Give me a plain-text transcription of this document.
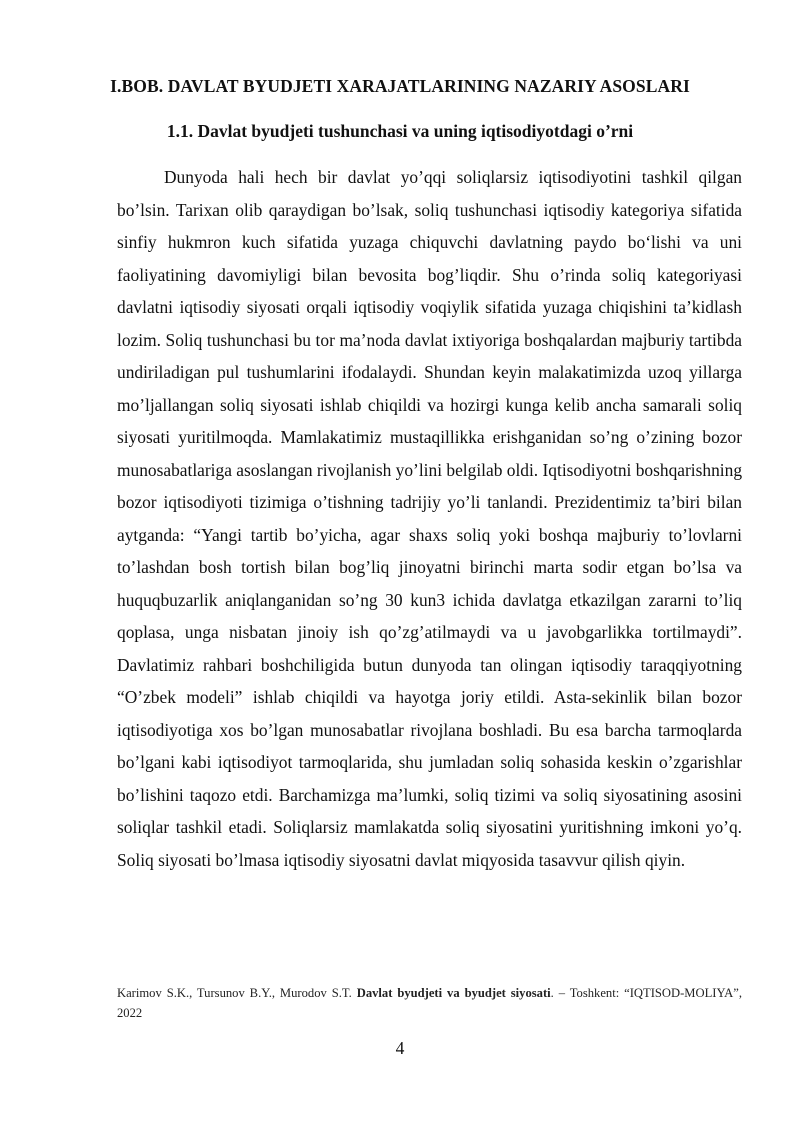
I.BOB. DAVLAT BYUDJETI XARAJATLARINING NAZARIY ASOSLARI
1.1. Davlat byudjeti tushunchasi va uning iqtisodiyotdagi o’rni

Dunyoda hali hech bir davlat yo’qqi soliqlarsiz iqtisodiyotini tashkil qilgan bo’lsin. Tarixan olib qaraydigan bo’lsak, soliq tushunchasi iqtisodiy kategoriya sifatida sinfiy hukmron kuch sifatida yuzaga chiquvchi davlatning paydo bo‘lishi va uni faoliyatining davomiyligi bilan bevosita bog’liqdir. Shu o’rinda soliq kategoriyasi davlatni iqtisodiy siyosati orqali iqtisodiy voqiylik sifatida yuzaga chiqishini ta’kidlash lozim. Soliq tushunchasi bu tor ma’noda davlat ixtiyoriga boshqalardan majburiy tartibda undiriladigan pul tushumlarini ifodalaydi. Shundan keyin malakatimizda uzoq yillarga mo’ljallangan soliq siyosati ishlab chiqildi va hozirgi kunga kelib ancha samarali soliq siyosati yuritilmoqda. Mamlakatimiz mustaqillikka erishganidan so’ng o’zining bozor munosabatlariga asoslangan rivojlanish yo’lini belgilab oldi. Iqtisodiyotni boshqarishning bozor iqtisodiyoti tizimiga o’tishning tadrijiy yo’li tanlandi. Prezidentimiz ta’biri bilan aytganda: “Yangi tartib bo’yicha, agar shaxs soliq yoki boshqa majburiy to’lovlarni to’lashdan bosh tortish bilan bog’liq jinoyatni birinchi marta sodir etgan bo’lsa va huquqbuzarlik aniqlanganidan so’ng 30 kun3 ichida davlatga etkazilgan zararni to’liq qoplasa, unga nisbatan jinoiy ish qo’zg’atilmaydi va u javobgarlikka tortilmaydi”. Davlatimiz rahbari boshchiligida butun dunyoda tan olingan iqtisodiy taraqqiyotning “O’zbek modeli” ishlab chiqildi va hayotga joriy etildi. Asta-sekinlik bilan bozor iqtisodiyotiga xos bo’lgan munosabatlar rivojlana boshladi. Bu esa barcha tarmoqlarda bo’lgani kabi iqtisodiyot tarmoqlarida, shu jumladan soliq sohasida keskin o’zgarishlar bo’lishini taqozo etdi. Barchamizga ma’lumki, soliq tizimi va soliq siyosatining asosini soliqlar tashkil etadi. Soliqlarsiz mamlakatda soliq siyosatini yuritishning imkoni yo’q. Soliq siyosati bo’lmasa iqtisodiy siyosatni davlat miqyosida tasavvur qilish qiyin.

Karimov S.K., Tursunov B.Y., Murodov S.T. Davlat byudjeti va byudjet siyosati. – Toshkent: “IQTISOD-MOLIYA”, 2022

4
